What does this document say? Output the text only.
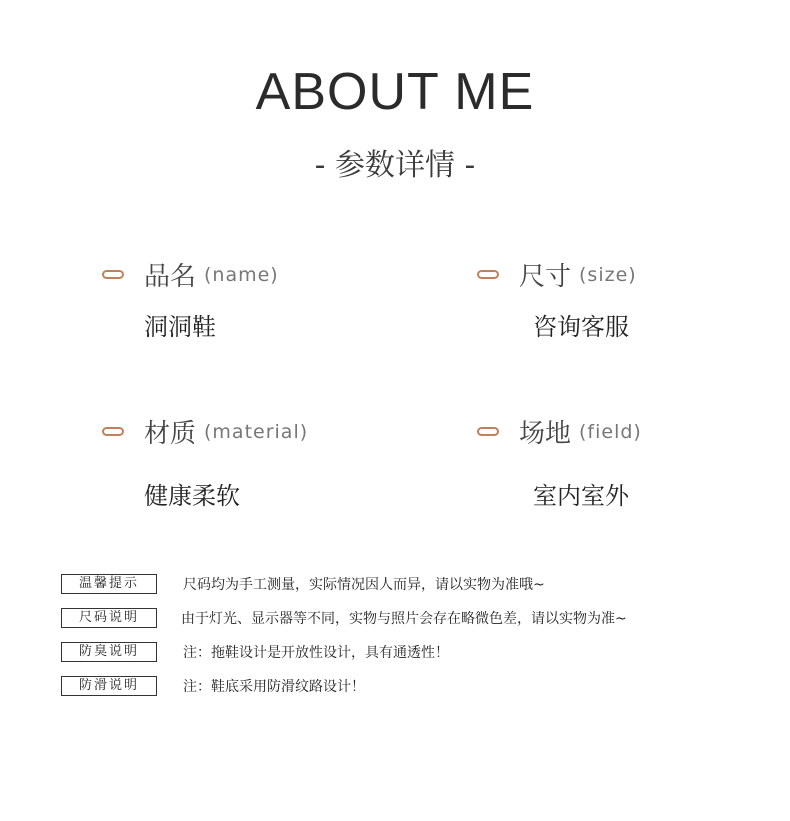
ABOUT ME
- 参数详情 -
品名 (name)
洞洞鞋
尺寸 (size)
咨询客服
材质 (material)
健康柔软
场地 (field)
室内室外
温馨提示	尺码均为手工测量，实际情况因人而异，请以实物为准哦~
尺码说明	由于灯光、显示器等不同，实物与照片会存在略微色差，请以实物为准~
防臭说明	注：拖鞋设计是开放性设计，具有通透性！
防滑说明	注：鞋底采用防滑纹路设计！
